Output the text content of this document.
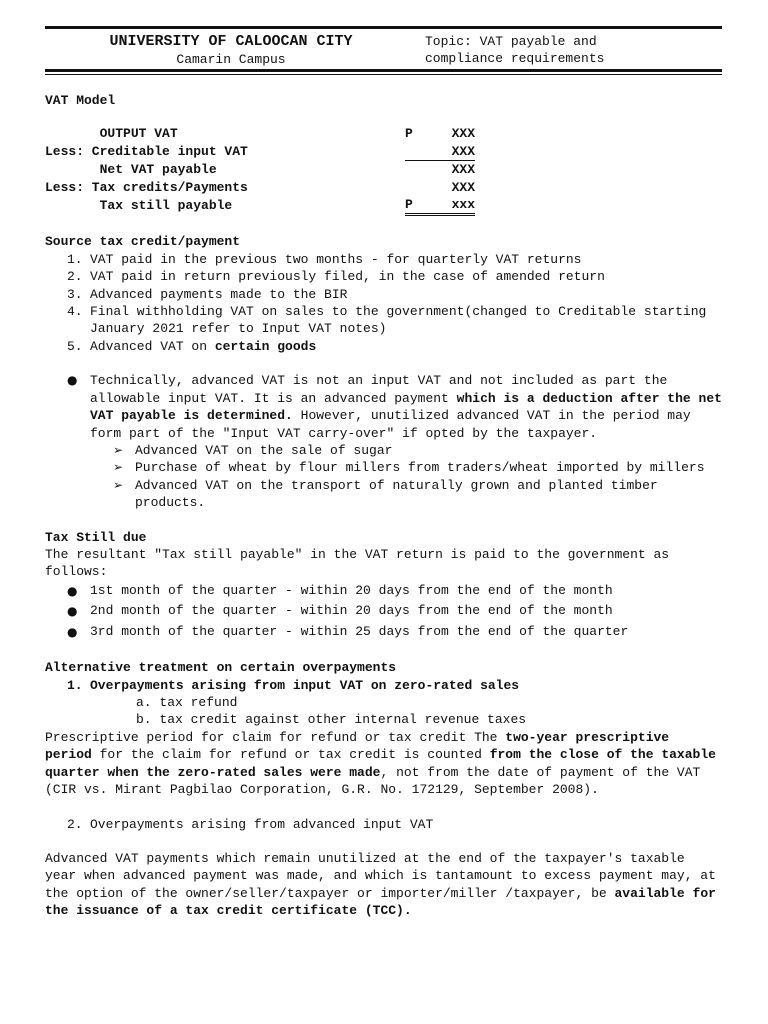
UNIVERSITY OF CALOOCAN CITY
Camarin Campus
Topic: VAT payable and
compliance requirements
VAT Model
OUTPUT VAT	P	XXX
Less: Creditable input VAT		XXX
Net VAT payable		XXX
Less: Tax credits/Payments		XXX
Tax still payable	P	xxx
Source tax credit/payment
1. VAT paid in the previous two months - for quarterly VAT returns
2. VAT paid in return previously filed, in the case of amended return
3. Advanced payments made to the BIR
4. Final withholding VAT on sales to the government(changed to Creditable starting January 2021 refer to Input VAT notes)
5. Advanced VAT on certain goods
● Technically, advanced VAT is not an input VAT and not included as part the allowable input VAT. It is an advanced payment which is a deduction after the net VAT payable is determined. However, unutilized advanced VAT in the period may form part of the "Input VAT carry-over" if opted by the taxpayer.
➢ Advanced VAT on the sale of sugar
➢ Purchase of wheat by flour millers from traders/wheat imported by millers
➢ Advanced VAT on the transport of naturally grown and planted timber products.
Tax Still due
The resultant "Tax still payable" in the VAT return is paid to the government as follows:
● 1st month of the quarter - within 20 days from the end of the month
● 2nd month of the quarter - within 20 days from the end of the month
● 3rd month of the quarter - within 25 days from the end of the quarter
Alternative treatment on certain overpayments
1. Overpayments arising from input VAT on zero-rated sales
a. tax refund
b. tax credit against other internal revenue taxes
Prescriptive period for claim for refund or tax credit The two-year prescriptive period for the claim for refund or tax credit is counted from the close of the taxable quarter when the zero-rated sales were made, not from the date of payment of the VAT (CIR vs. Mirant Pagbilao Corporation, G.R. No. 172129, September 2008).
2. Overpayments arising from advanced input VAT
Advanced VAT payments which remain unutilized at the end of the taxpayer's taxable year when advanced payment was made, and which is tantamount to excess payment may, at the option of the owner/seller/taxpayer or importer/miller /taxpayer, be available for the issuance of a tax credit certificate (TCC).
